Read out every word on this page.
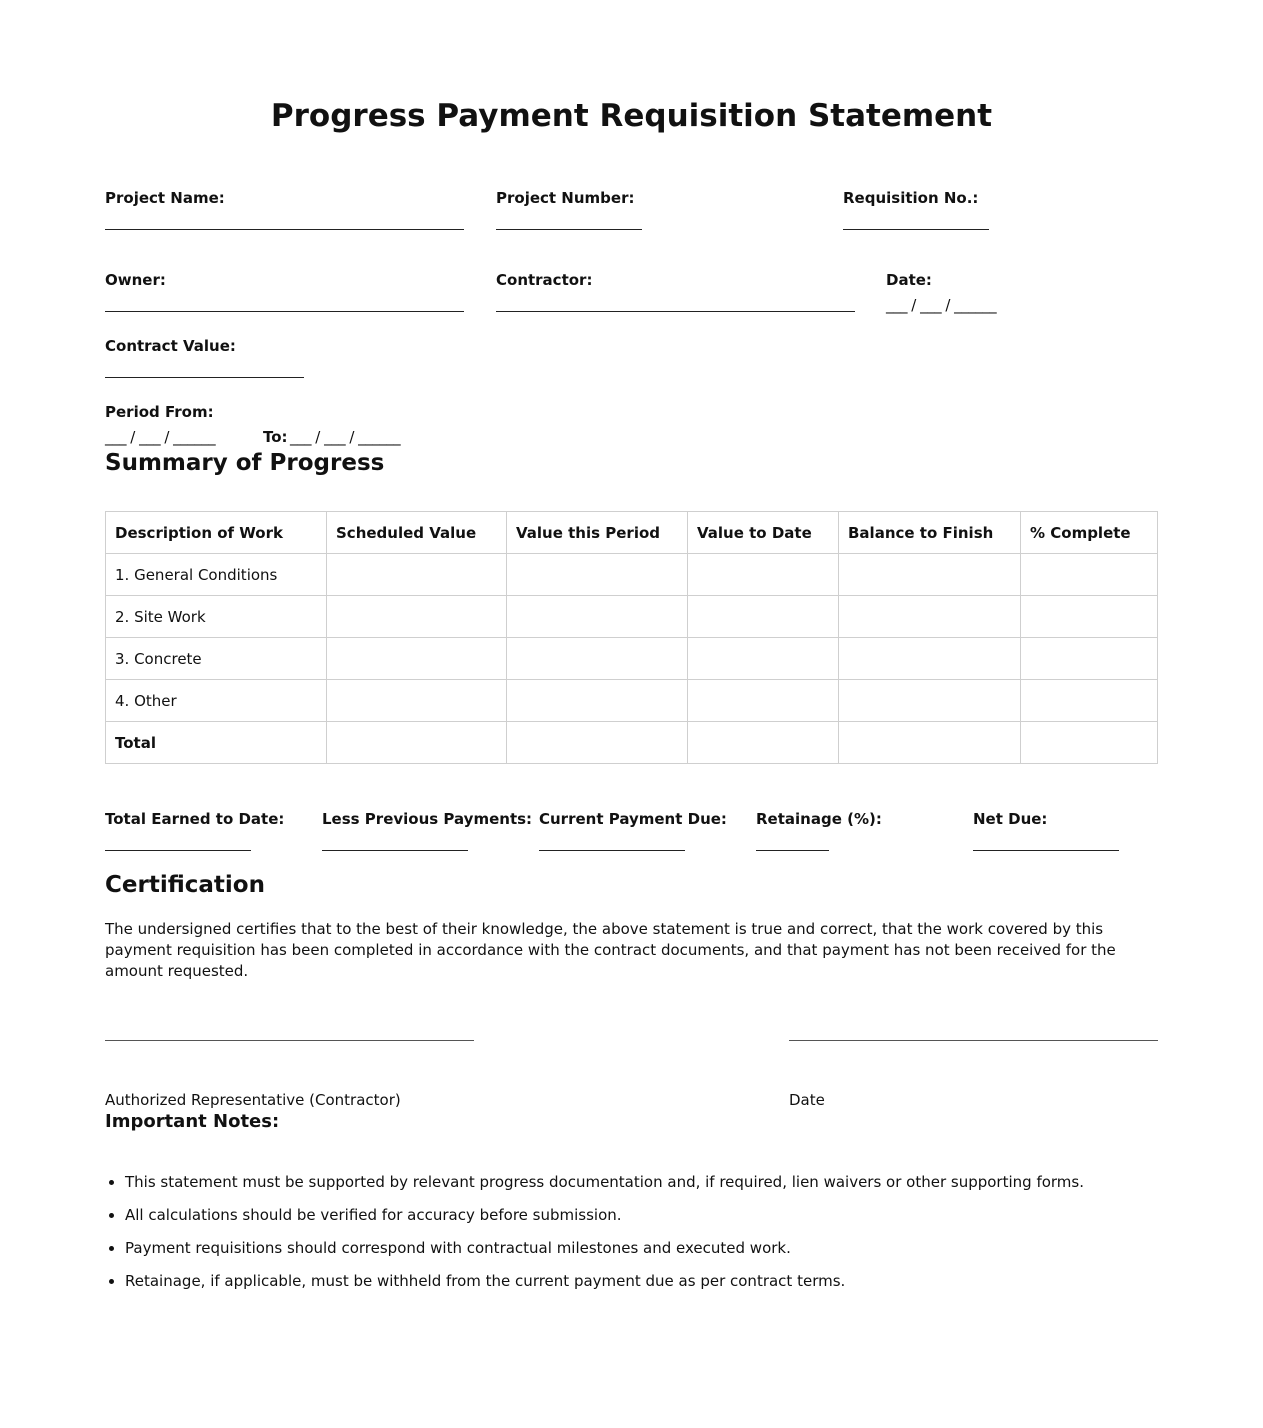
Progress Payment Requisition Statement
Project Name:	Project Number:	Requisition No.:
Owner:	Contractor:	Date:
___ / ___ / ______
Contract Value:
Period From:
___ / ___ / ______	To: ___ / ___ / ______
Summary of Progress
Description of Work	Scheduled Value	Value this Period	Value to Date	Balance to Finish	% Complete
1. General Conditions					
2. Site Work					
3. Concrete					
4. Other					
Total					
Total Earned to Date:	Less Previous Payments: Current Payment Due: Retainage (%):	Net Due:
Certification
The undersigned certifies that to the best of their knowledge, the above statement is true and correct, that the work covered by this payment requisition has been completed in accordance with the contract documents, and that payment has not been received for the amount requested.
Authorized Representative (Contractor)	Date
Important Notes:
• This statement must be supported by relevant progress documentation and, if required, lien waivers or other supporting forms.
• All calculations should be verified for accuracy before submission.
• Payment requisitions should correspond with contractual milestones and executed work.
• Retainage, if applicable, must be withheld from the current payment due as per contract terms.
